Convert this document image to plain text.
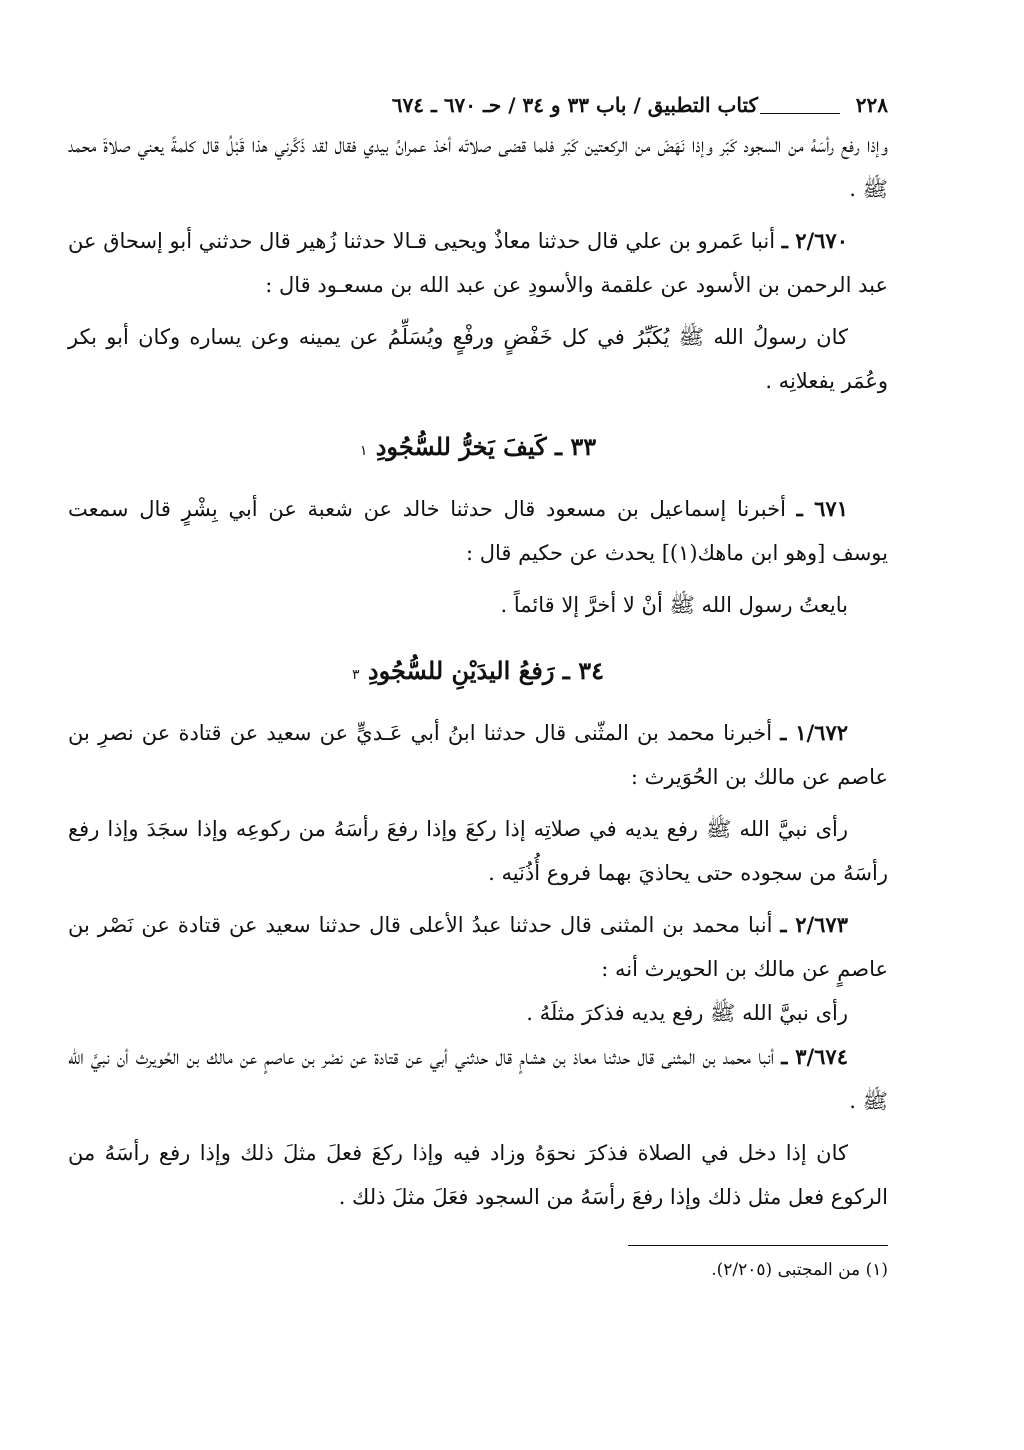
٢٢٨
كتاب التطبيق / باب ٣٣ و ٣٤ / حـ ٦٧٠ ـ ٦٧٤

وإذا رفع رأسَهُ من السجود كَبّر وإذا نَهَضَ من الركعتين كَبّر فلما قضى صلاتَه أخذ عمرانُ بيدي فقال لقد ذَكَّرني هذا قَبْلُ قال كلمةً يعني صلاةَ محمد ﷺ .

٢/٦٧٠ ـ أنبا عَمرو بن علي قال حدثنا معاذٌ ويحيى قـالا حدثنا زُهير قال حدثني أبو إسحاق عن عبد الرحمن بن الأسود عن علقمة والأسودِ عن عبد الله بن مسعـود قال :

كان رسولُ الله ﷺ يُكَبِّرُ في كل خَفْضٍ ورفْعٍ ويُسَلِّمُ عن يمينه وعن يساره وكان أبو بكر وعُمَر يفعلانِه .

٣٣ ـ كَيفَ يَخرُّ للسُّجُودِ ١

٦٧١ ـ أخبرنا إسماعيل بن مسعود قال حدثنا خالد عن شعبة عن أبي بِشْرٍ قال سمعت يوسف [وهو ابن ماهك(١)] يحدث عن حكيم قال :

بايعتُ رسول الله ﷺ أنْ لا أخرَّ إلا قائماً .

٣٤ ـ رَفعُ اليدَيْنِ للسُّجُودِ ٣

١/٦٧٢ ـ أخبرنا محمد بن المثّنى قال حدثنا ابنُ أبي عَـديٍّ عن سعيد عن قتادة عن نصرِ بن عاصم عن مالك بن الحُوَيرث :

رأى نبيَّ الله ﷺ رفع يديه في صلاتِه إذا ركعَ وإذا رفعَ رأسَهُ من ركوعِه وإذا سجَدَ وإذا رفع رأسَهُ من سجوده حتى يحاذيَ بهما فروع أُذُنَيه .

٢/٦٧٣ ـ أنبا محمد بن المثنى قال حدثنا عبدُ الأعلى قال حدثنا سعيد عن قتادة عن نَصْر بن عاصمٍ عن مالك بن الحويرث أنه :

رأى نبيَّ الله ﷺ رفع يديه فذكرَ مثلَهُ .

٣/٦٧٤ ـ أنبا محمد بن المثنى قال حدثنا معاذ بن هشامٍ قال حدثني أبي عن قتادة عن نصْر بن عاصمٍ عن مالك بن الحُويرث أن نبيَّ الله ﷺ .

كان إذا دخل في الصلاة فذكرَ نحوَهُ وزاد فيه وإذا ركعَ فعلَ مثلَ ذلك وإذا رفع رأسَهُ من الركوع فعل مثل ذلك وإذا رفعَ رأسَهُ من السجود فعَلَ مثلَ ذلك .

(١) من المجتبى (٢/٢٠٥).
